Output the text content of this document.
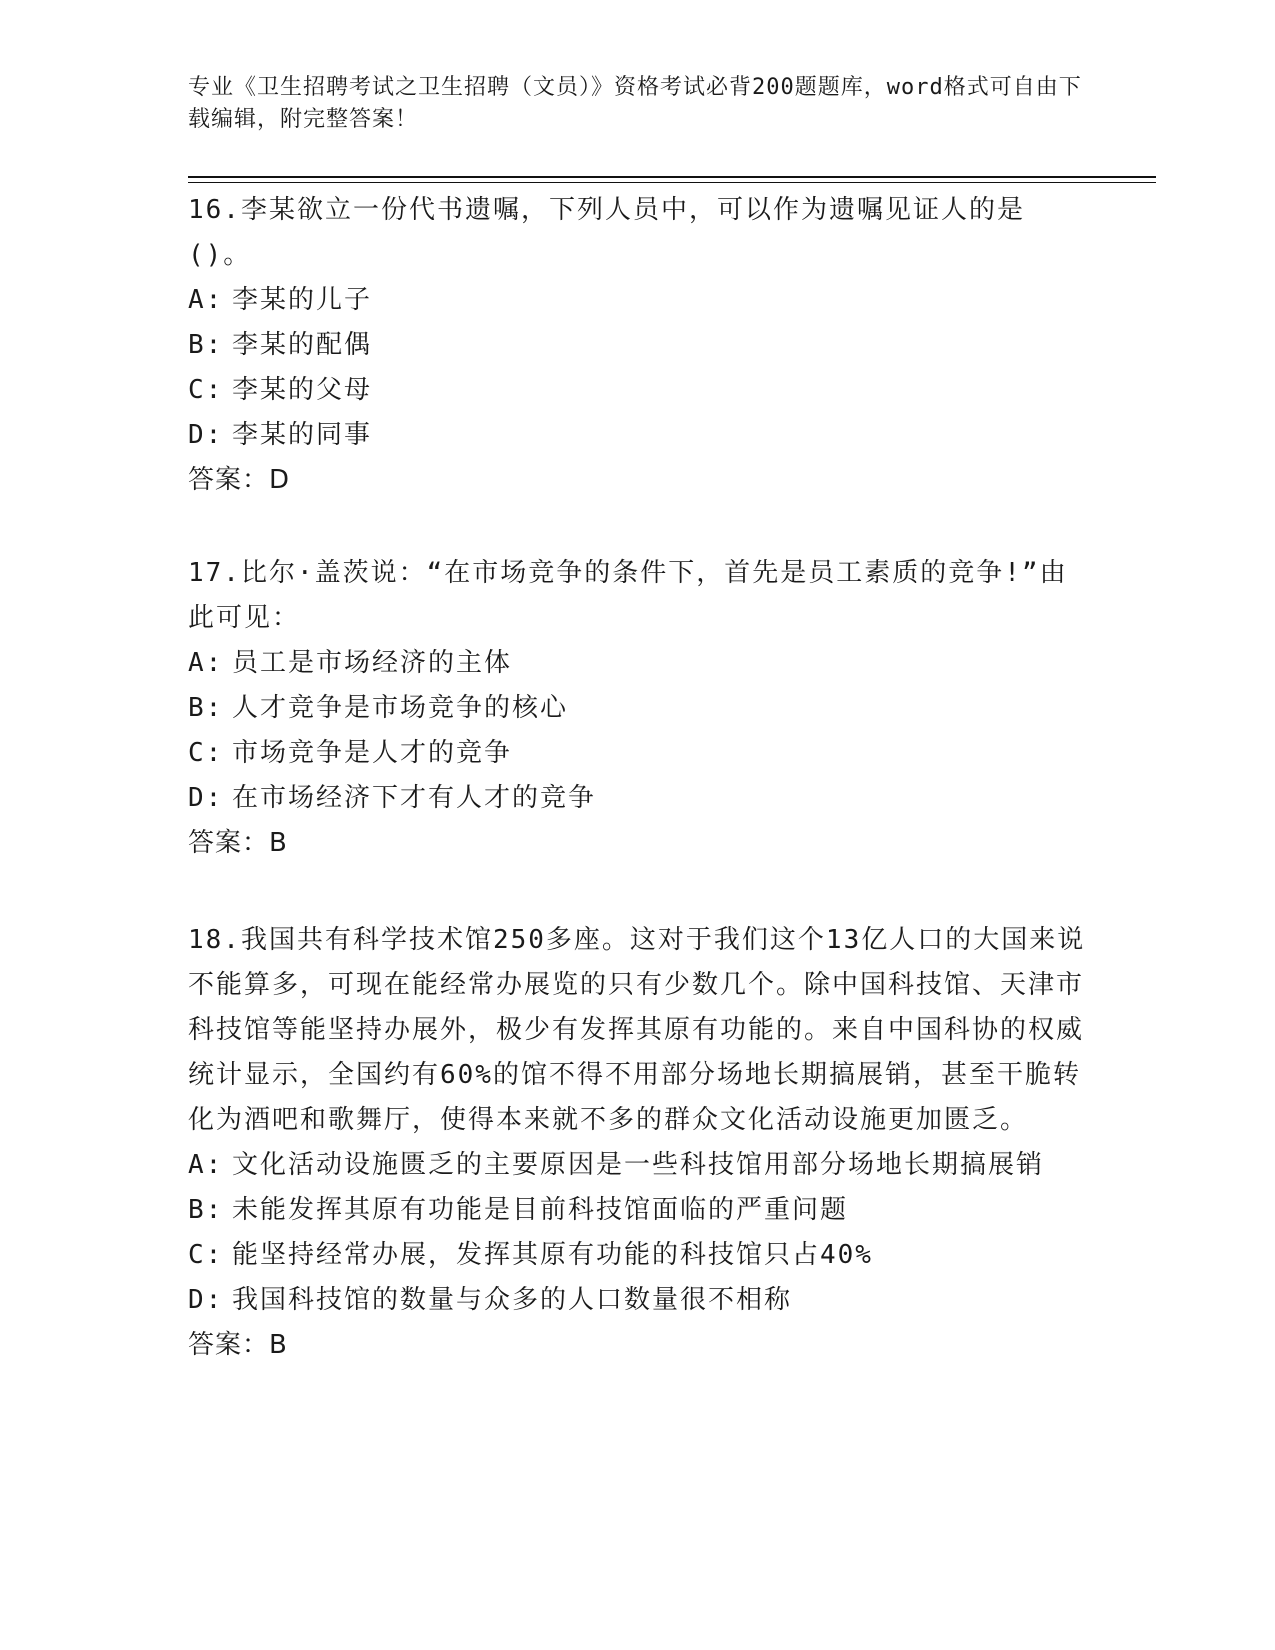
专业《卫生招聘考试之卫生招聘（文员）》资格考试必背200题题库，word格式可自由下载编辑，附完整答案！

16.李某欲立一份代书遗嘱，下列人员中，可以作为遗嘱见证人的是()。

A: 李某的儿子

B: 李某的配偶

C: 李某的父母

D: 李某的同事

答案：D

17.比尔·盖茨说：“在市场竞争的条件下，首先是员工素质的竞争!”由此可见：

A: 员工是市场经济的主体

B: 人才竞争是市场竞争的核心

C: 市场竞争是人才的竞争

D: 在市场经济下才有人才的竞争

答案：B

18.我国共有科学技术馆250多座。这对于我们这个13亿人口的大国来说不能算多，可现在能经常办展览的只有少数几个。除中国科技馆、天津市科技馆等能坚持办展外，极少有发挥其原有功能的。来自中国科协的权威统计显示，全国约有60%的馆不得不用部分场地长期搞展销，甚至干脆转化为酒吧和歌舞厅，使得本来就不多的群众文化活动设施更加匮乏。

A: 文化活动设施匮乏的主要原因是一些科技馆用部分场地长期搞展销

B: 未能发挥其原有功能是目前科技馆面临的严重问题

C: 能坚持经常办展，发挥其原有功能的科技馆只占40%

D: 我国科技馆的数量与众多的人口数量很不相称

答案：B
